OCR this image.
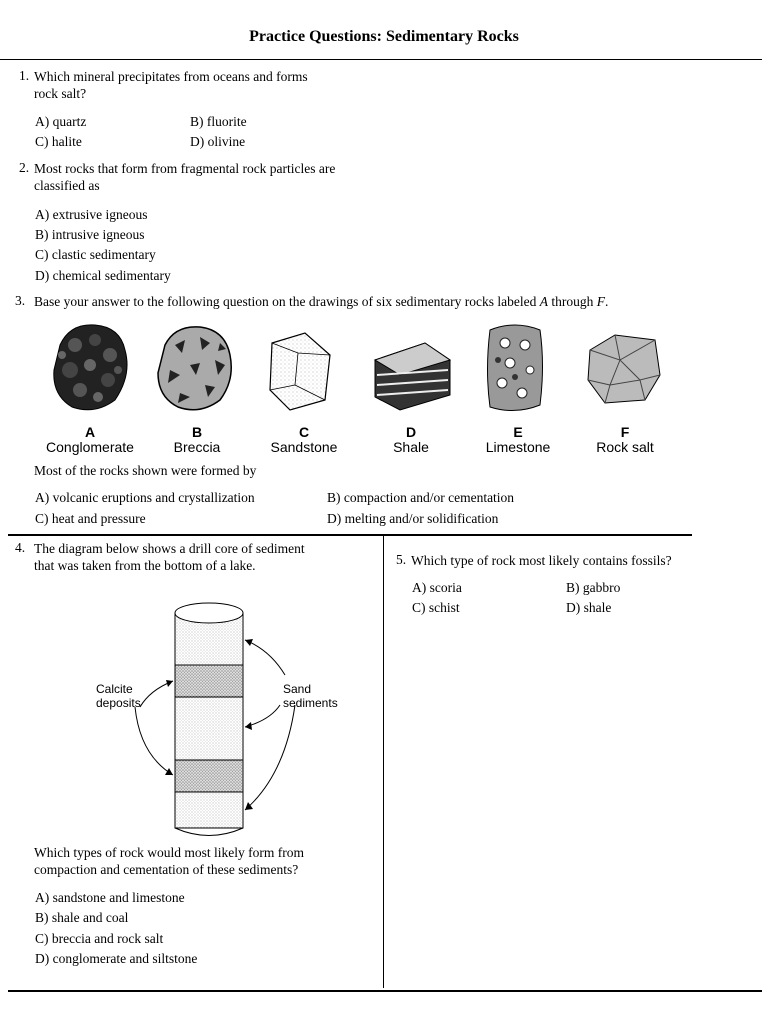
Practice Questions: Sedimentary Rocks
1. Which mineral precipitates from oceans and forms
rock salt?
A) quartz	B) fluorite
C) halite	D) olivine
2. Most rocks that form from fragmental rock particles are
classified as
A) extrusive igneous
B) intrusive igneous
C) clastic sedimentary
D) chemical sedimentary
3. Base your answer to the following question on the drawings of six sedimentary rocks labeled A through F.
A
Conglomerate
B
Breccia
C
Sandstone
D
Shale
E
Limestone
F
Rock salt
Most of the rocks shown were formed by
A) volcanic eruptions and crystallization	B) compaction and/or cementation
C) heat and pressure	D) melting and/or solidification
4. The diagram below shows a drill core of sediment
that was taken from the bottom of a lake.
Calcite
deposits
Sand
sediments
Which types of rock would most likely form from
compaction and cementation of these sediments?
A) sandstone and limestone
B) shale and coal
C) breccia and rock salt
D) conglomerate and siltstone
5. Which type of rock most likely contains fossils?
A) scoria	B) gabbro
C) schist	D) shale
